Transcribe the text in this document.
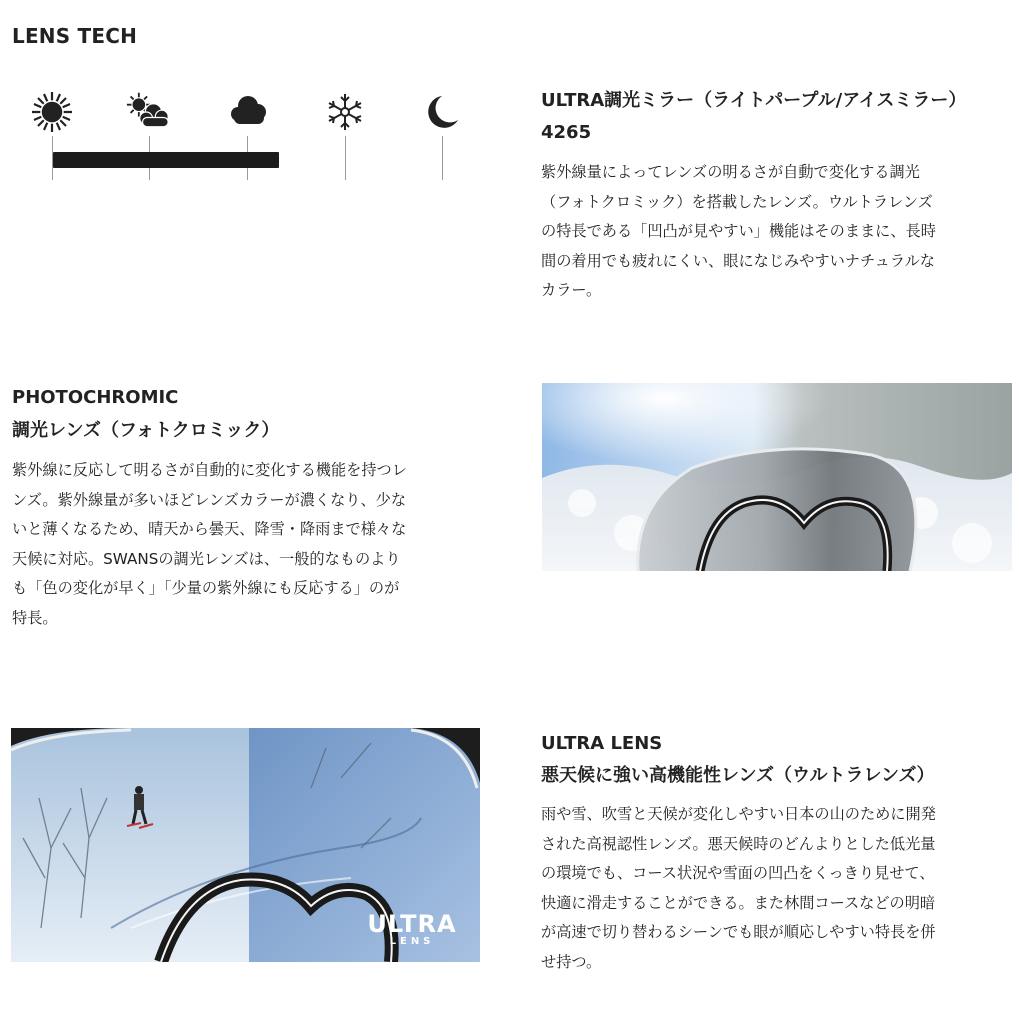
LENS TECH
ULTRA調光ミラー（ライトパープル/アイスミラー）
4265
紫外線量によってレンズの明るさが自動で変化する調光
（フォトクロミック）を搭載したレンズ。ウルトラレンズ
の特長である「凹凸が見やすい」機能はそのままに、長時
間の着用でも疲れにくい、眼になじみやすいナチュラルな
カラー。
PHOTOCHROMIC
調光レンズ（フォトクロミック）
紫外線に反応して明るさが自動的に変化する機能を持つレ
ンズ。紫外線量が多いほどレンズカラーが濃くなり、少な
いと薄くなるため、晴天から曇天、降雪・降雨まで様々な
天候に対応。SWANSの調光レンズは、一般的なものより
も「色の変化が早く」「少量の紫外線にも反応する」のが
特長。
ULTRA
LENS
ULTRA LENS
悪天候に強い高機能性レンズ（ウルトラレンズ）
雨や雪、吹雪と天候が変化しやすい日本の山のために開発
された高視認性レンズ。悪天候時のどんよりとした低光量
の環境でも、コース状況や雪面の凹凸をくっきり見せて、
快適に滑走することができる。また林間コースなどの明暗
が高速で切り替わるシーンでも眼が順応しやすい特長を併
せ持つ。
